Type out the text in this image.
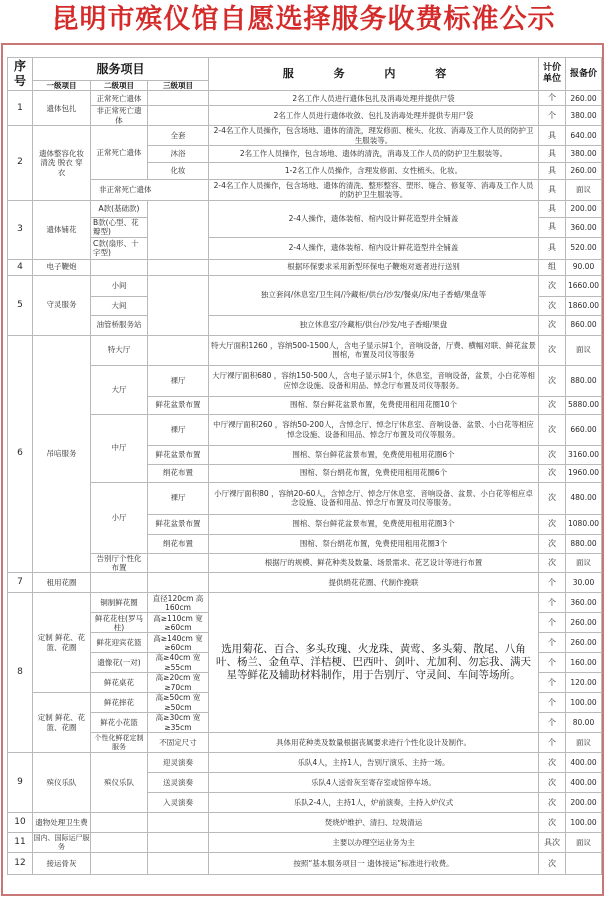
昆明市殡仪馆自愿选择服务收费标准公示
序号	服务项目			服 务 内 容	计价单位	报备价
	一级项目	二级项目	三级项目			
1	遗体包扎	正常死亡遗体		2名工作人员进行遗体包扎及消毒处理并提供尸袋	个	260.00
		非正常死亡遗体		2名工作人员进行遗体收敛、包扎及消毒处理并提供专用尸袋	个	380.00
2	遗体整容化妆 清洗 脱衣 穿衣	正常死亡遗体	全套	2-4名工作人员操作，包含场地、遗体的清洗，理发修面、梳头、化妆、消毒及工作人员的防护卫生服装等。	具	640.00
			沐浴	2名工作人员操作，包含场地、遗体的清洗，消毒及工作人员的防护卫生服装等。	具	380.00
			化妆	1-2名工作人员操作，含理发修面、女性梳头、化妆。	具	260.00
		非正常死亡遗体		2-4名工作人员操作，包含场地、遗体的清洗、整形整容、塑形、缝合、修复等、消毒及工作人员的防护卫生服装等。	具	面议
3	遗体铺花	A款(基础款)		2-4人操作，遗体装棺、棺内设计鲜花造型并全铺盖	具	200.00
		B款(心型、花瓣型)			具	360.00
		C款(扇形、十字型)		2-4人操作，遗体装棺、棺内设计鲜花造型并全铺盖	具	520.00
4	电子鞭炮			根据环保要求采用新型环保电子鞭炮对逝者进行送别	组	90.00
5	守灵服务	小间		独立套间/休息室/卫生间/冷藏柜/供台/沙发/餐桌/床/电子香蜡/果盘等	次	1660.00
		大间			次	1860.00
		油管桥服务站		独立休息室/冷藏柜/供台/沙发/电子香蜡/果盘	次	860.00
6	吊唁服务	特大厅		特大厅面积1260 ，容纳500-1500人，含电子显示屏1个，音响设备，厅费、横幅对联、鲜花盆景围棺，布置及司仪等服务	次	面议
		大厅	裸厅	大厅裸厅面积680 ，容纳150-500人，含电子显示屏1个，休息室，音响设备，盆景，小白花等相应悼念设施、设备和用品、悼念厅布置及司仪等服务。	次	880.00
			鲜花盆景布置	围棺、祭台鲜花盆景布置，免费使用租用花圈10个	次	5880.00
		中厅	裸厅	中厅裸厅面积260 ，容纳50-200人，含悼念厅、悼念厅休息室、音响设备、盆景、小白花等相应悼念设施、设备和用品、悼念厅布置及司仪等服务。	次	660.00
			鲜花盆景布置	围棺、祭台鲜花盆景布置，免费使用租用花圈6个	次	3160.00
			绢花布置	围棺、祭台绢花布置，免费使用租用花圈6个	次	1960.00
		小厅	裸厅	小厅裸厅面积80 ，容纳20-60人，含悼念厅、悼念厅休息室、音响设备、盆景、小白花等相应卓念设施、设备和用品、悼念厅布置及司仪等服务。	次	480.00
			鲜花盆景布置	围棺、祭台鲜花盆景布置，免费使用租用花圈3个	次	1080.00
			绢花布置	围棺、祭台绢花布置，免费使用租用花圈3个	次	880.00
		告别厅个性化布置		根据厅的规模、鲜花种类及数量、场景需求、花艺设计等进行布置	次	面议
7	租用花圈			提供绢花花圈、代制作挽联	个	30.00
8	定制 鲜花、花篮、花圈	铜制鲜花圈	直径120cm 高160cm	选用菊花、百合、多头玫瑰、火龙珠、黄莺、多头菊、散尾、八角叶、杨兰、金鱼草、洋桔梗、巴西叶、剑叶、尤加利、勿忘我、满天星等鲜花及辅助材料制作，用于告别厅、守灵间、车间等场所。	个	360.00
		鲜花花柱(罗马柱)	高≥110cm 宽≥60cm		个	260.00
		鲜花迎宾花篮	高≥140cm 宽≥60cm		个	260.00
		遗像花(一对)	高≥40cm 宽≥55cm		个	160.00
		鲜花桌花	高≥20cm 宽≥70cm		个	120.00
	定制 鲜花、花篮、花圈	鲜花摔花	高≥50cm 宽≥50cm		个	100.00
		鲜花小花篮	高≥30cm 宽≥35cm		个	80.00
		个性化鲜花定制服务	不固定尺寸	具体用花种类及数量根据丧属要求进行个性化设计及制作。	个	面议
9	殡仪乐队	殡仪乐队	迎灵演奏	乐队4人，主持1人，告别厅演乐、主持一场。	次	400.00
			送灵演奏	乐队4人送骨灰至寄存室或馆停车场。	次	400.00
			入灵演奏	乐队2-4人，主持1人，炉前演奏，主持入炉仪式	次	200.00
10	遗物处理卫生费			焚烧炉维护、清扫、垃圾清运	次	100.00
11	国内、国际运尸服务			主要以办理空运业务为主	具次	面议
12	接运骨灰			按照“基本服务项目一 遗体接运”标准进行收费。	次	
